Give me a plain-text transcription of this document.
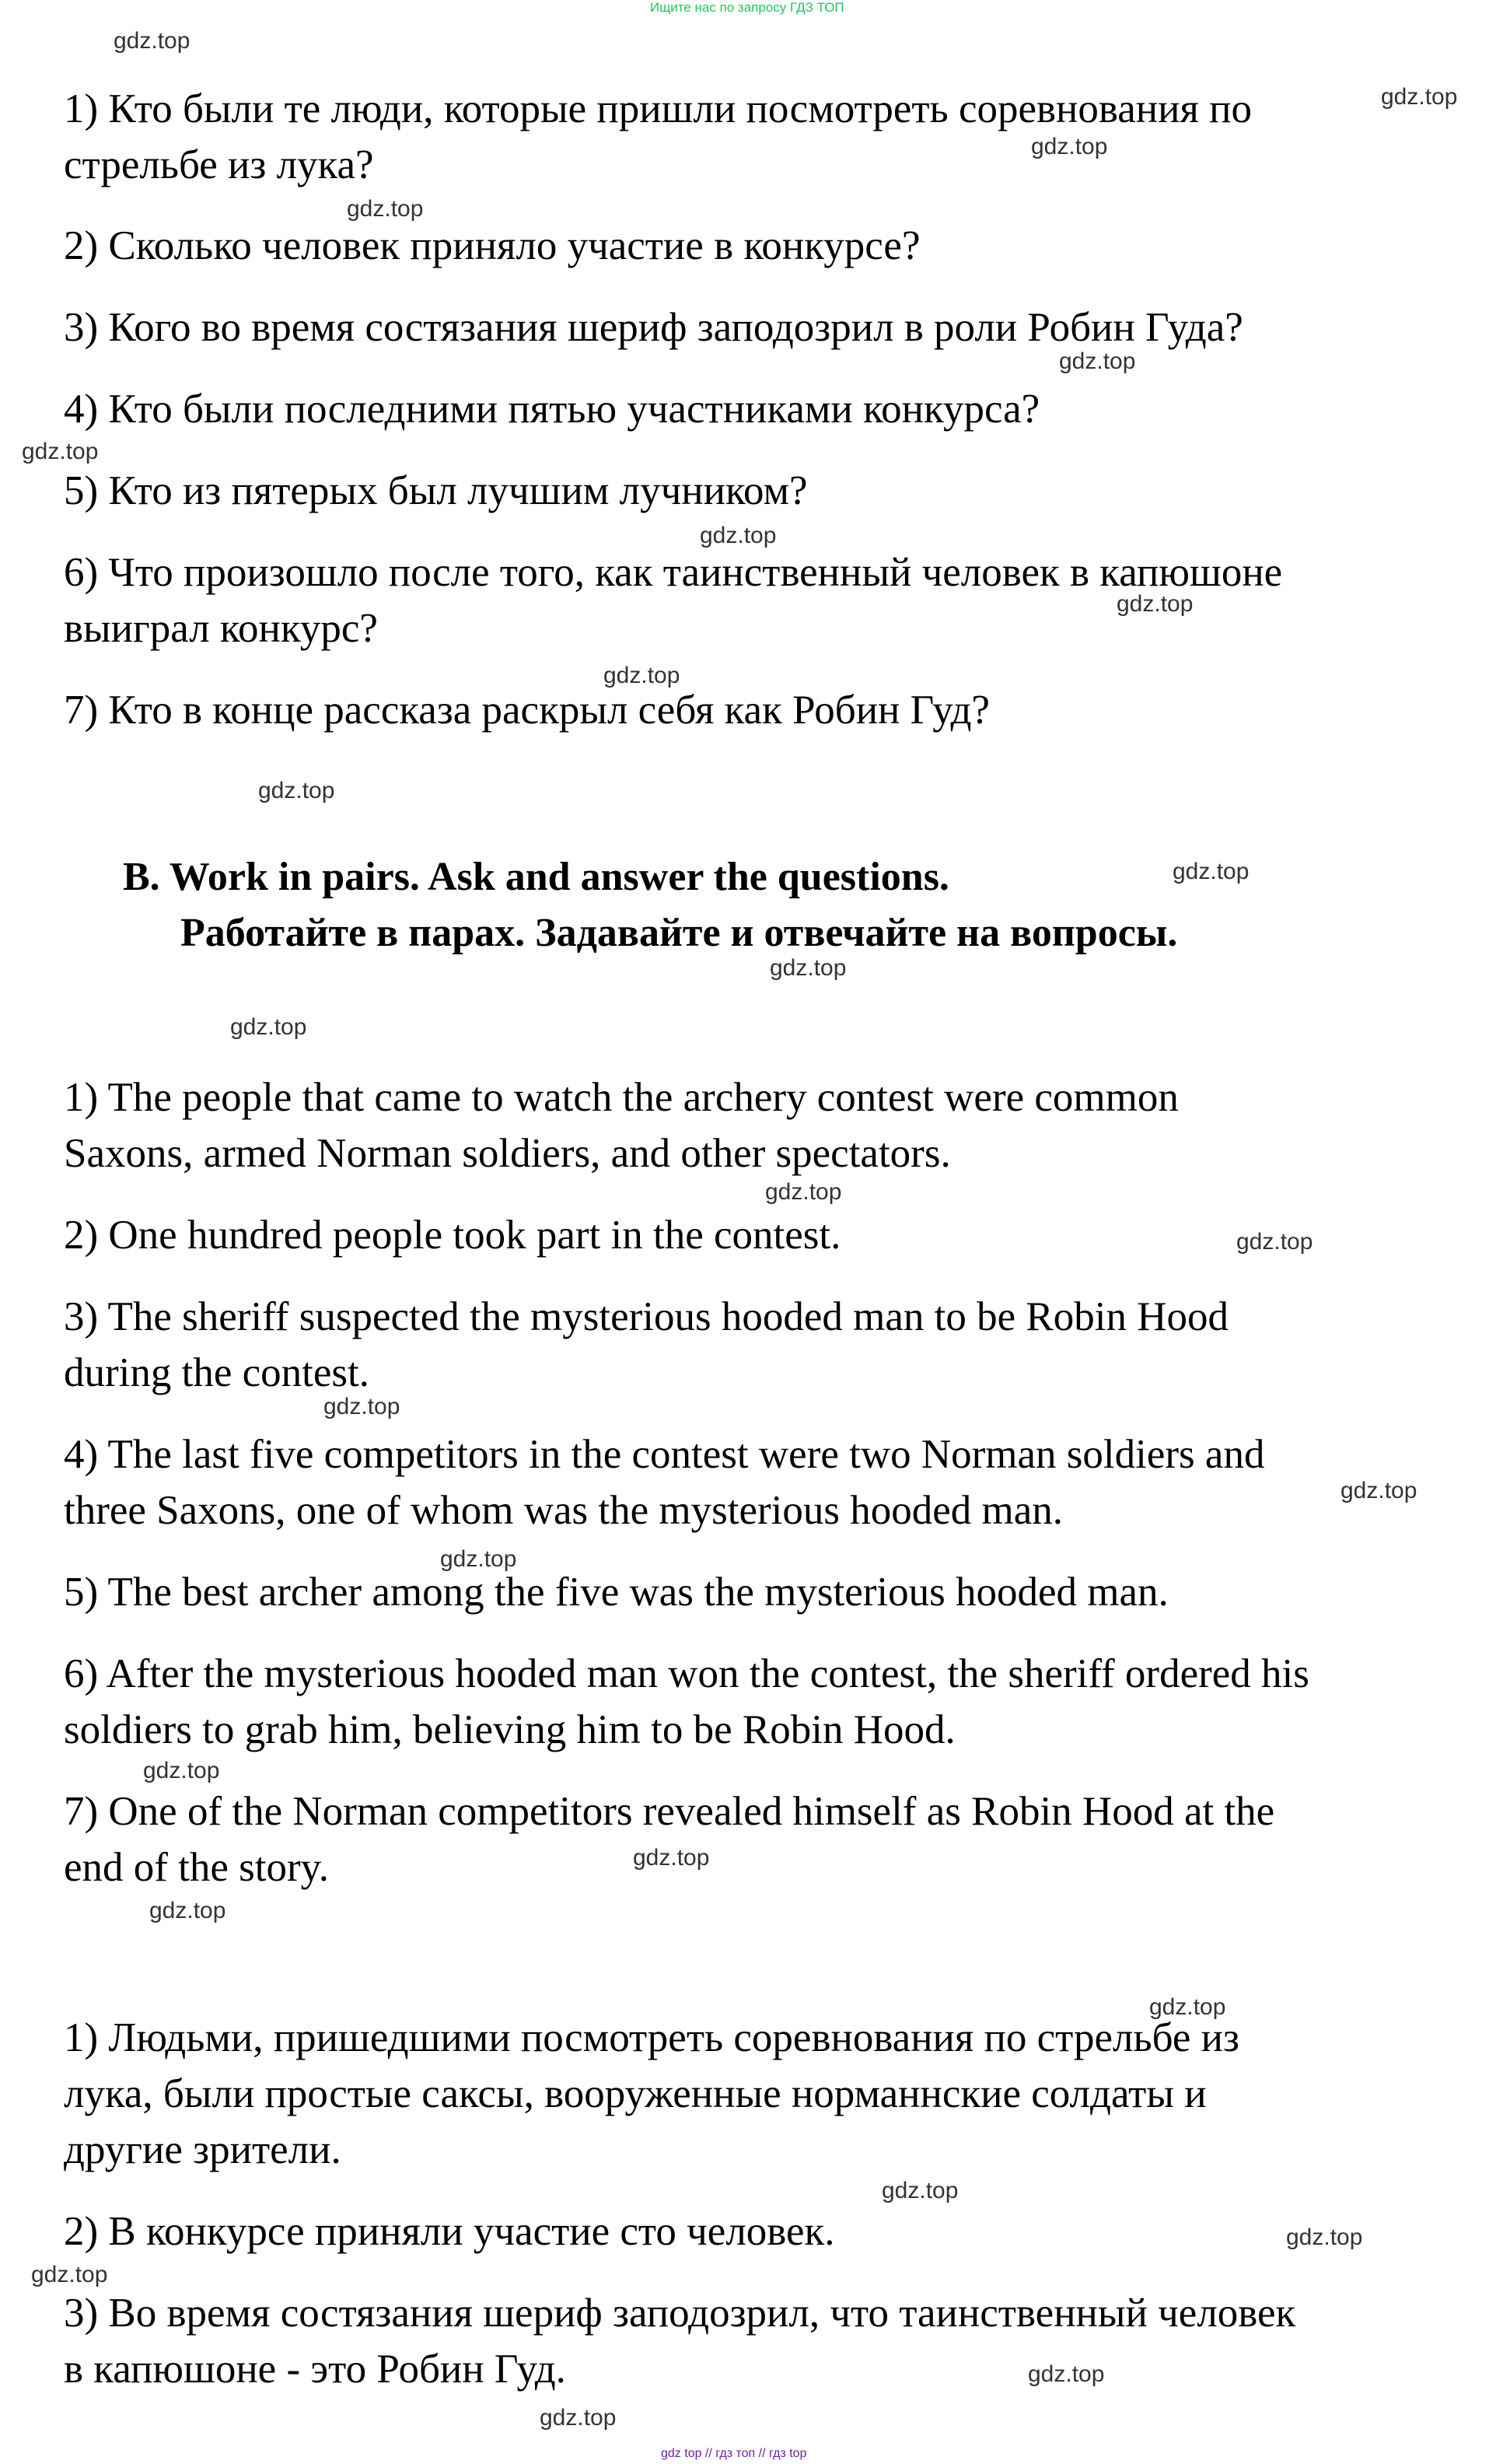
Ищите нас по запросу ГДЗ ТОП
1) Кто были те люди, которые пришли посмотреть соревнования по
стрельбе из лука?
2) Сколько человек приняло участие в конкурсе?
3) Кого во время состязания шериф заподозрил в роли Робин Гуда?
4) Кто были последними пятью участниками конкурса?
5) Кто из пятерых был лучшим лучником?
6) Что произошло после того, как таинственный человек в капюшоне
выиграл конкурс?
7) Кто в конце рассказа раскрыл себя как Робин Гуд?
B. Work in pairs. Ask and answer the questions.
Работайте в парах. Задавайте и отвечайте на вопросы.
1) The people that came to watch the archery contest were common
Saxons, armed Norman soldiers, and other spectators.
2) One hundred people took part in the contest.
3) The sheriff suspected the mysterious hooded man to be Robin Hood
during the contest.
4) The last five competitors in the contest were two Norman soldiers and
three Saxons, one of whom was the mysterious hooded man.
5) The best archer among the five was the mysterious hooded man.
6) After the mysterious hooded man won the contest, the sheriff ordered his
soldiers to grab him, believing him to be Robin Hood.
7) One of the Norman competitors revealed himself as Robin Hood at the
end of the story.
1) Людьми, пришедшими посмотреть соревнования по стрельбе из
лука, были простые саксы, вооруженные норманнские солдаты и
другие зрители.
2) В конкурсе приняли участие сто человек.
3) Во время состязания шериф заподозрил, что таинственный человек
в капюшоне - это Робин Гуд.
gdz.top
gdz.top
gdz.top
gdz.top
gdz.top
gdz.top
gdz.top
gdz.top
gdz.top
gdz.top
gdz.top
gdz.top
gdz.top
gdz.top
gdz.top
gdz.top
gdz.top
gdz.top
gdz.top
gdz.top
gdz.top
gdz.top
gdz.top
gdz.top
gdz.top
gdz.top
gdz.top
gdz top // гдз топ // гдз top
